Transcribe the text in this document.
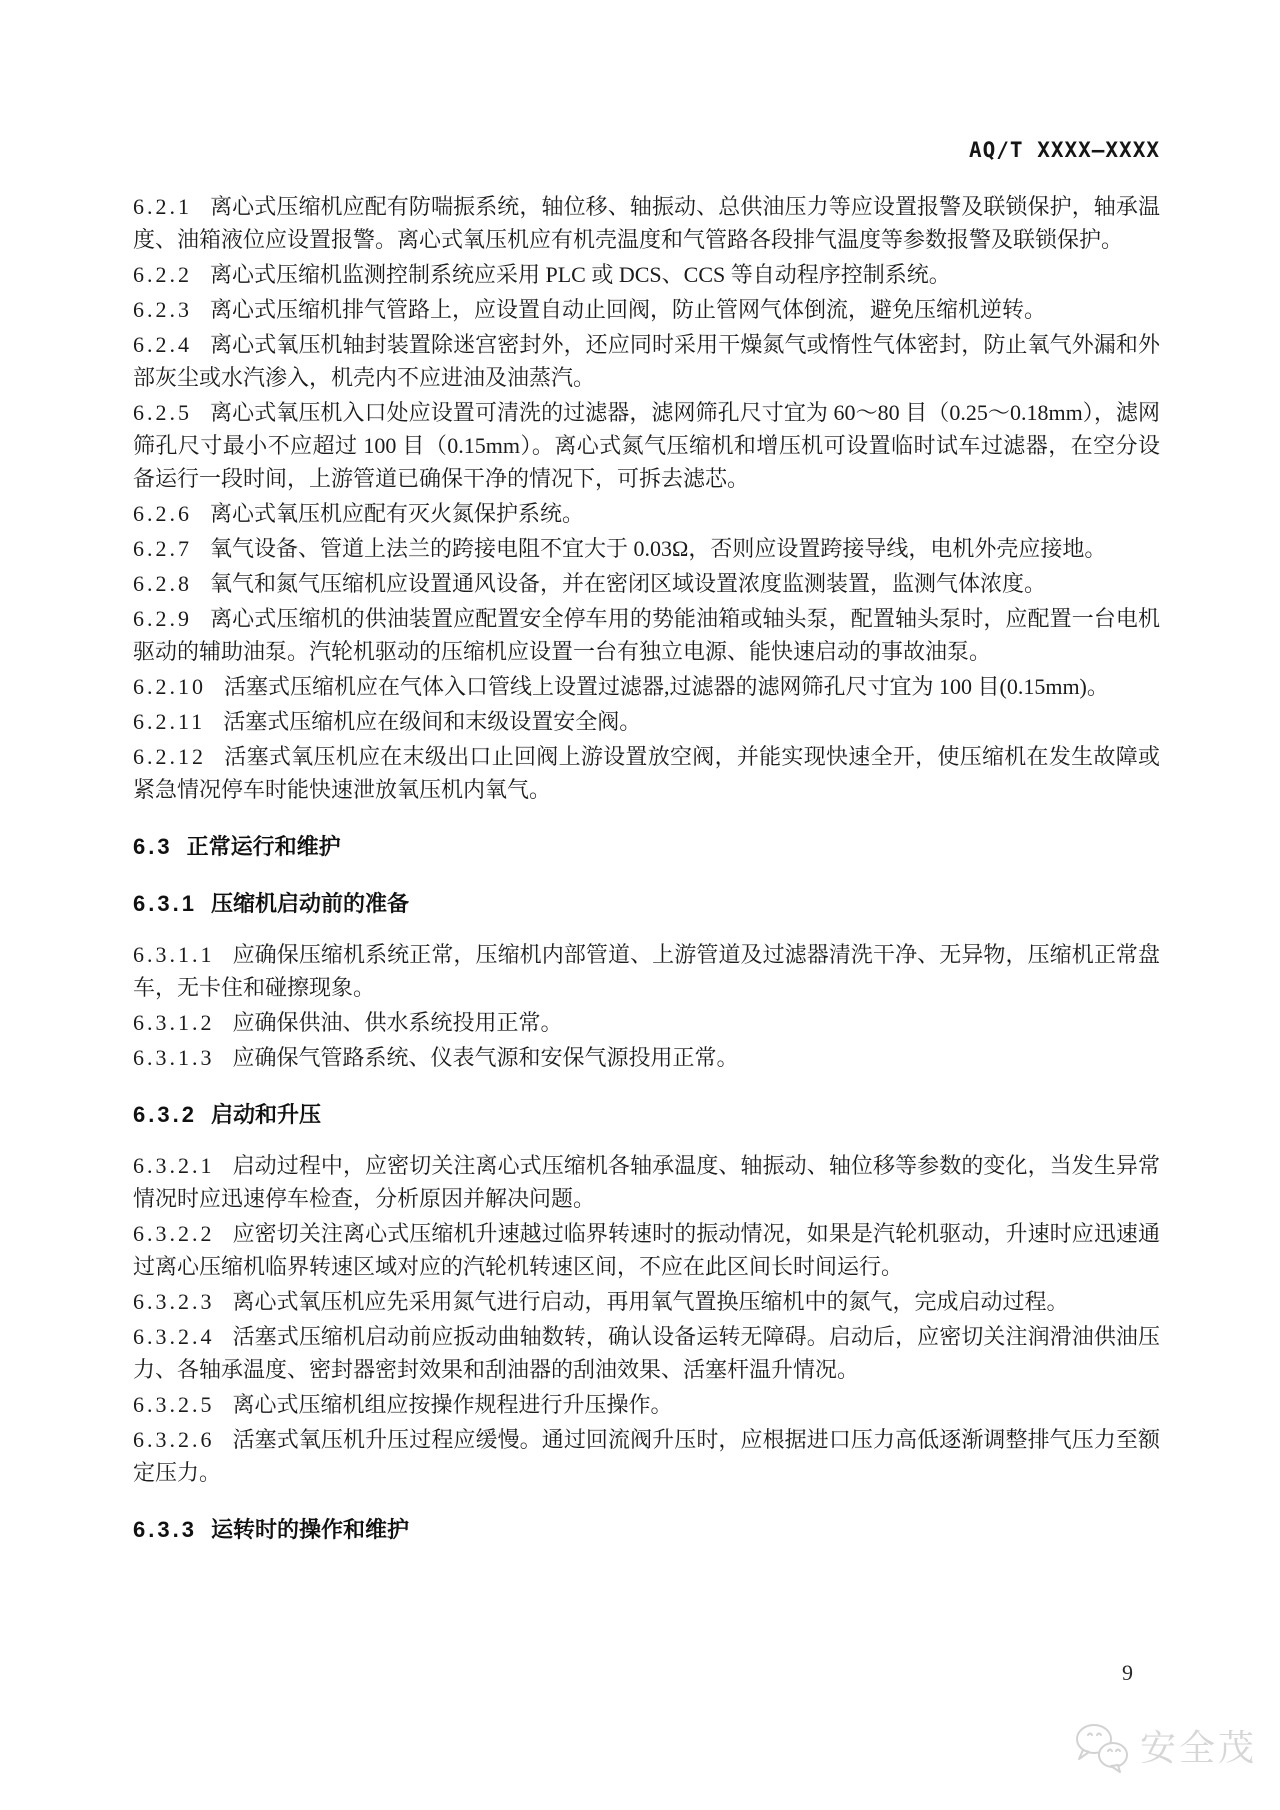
AQ/T XXXX—XXXX

6.2.1 离心式压缩机应配有防喘振系统，轴位移、轴振动、总供油压力等应设置报警及联锁保护，轴承温度、油箱液位应设置报警。离心式氧压机应有机壳温度和气管路各段排气温度等参数报警及联锁保护。

6.2.2 离心式压缩机监测控制系统应采用 PLC 或 DCS、CCS 等自动程序控制系统。

6.2.3 离心式压缩机排气管路上，应设置自动止回阀，防止管网气体倒流，避免压缩机逆转。

6.2.4 离心式氧压机轴封装置除迷宫密封外，还应同时采用干燥氮气或惰性气体密封，防止氧气外漏和外部灰尘或水汽渗入，机壳内不应进油及油蒸汽。

6.2.5 离心式氧压机入口处应设置可清洗的过滤器，滤网筛孔尺寸宜为 60～80 目（0.25～0.18mm），滤网筛孔尺寸最小不应超过 100 目（0.15mm）。离心式氮气压缩机和增压机可设置临时试车过滤器，在空分设备运行一段时间，上游管道已确保干净的情况下，可拆去滤芯。

6.2.6 离心式氧压机应配有灭火氮保护系统。

6.2.7 氧气设备、管道上法兰的跨接电阻不宜大于 0.03Ω，否则应设置跨接导线，电机外壳应接地。

6.2.8 氧气和氮气压缩机应设置通风设备，并在密闭区域设置浓度监测装置，监测气体浓度。

6.2.9 离心式压缩机的供油装置应配置安全停车用的势能油箱或轴头泵，配置轴头泵时，应配置一台电机驱动的辅助油泵。汽轮机驱动的压缩机应设置一台有独立电源、能快速启动的事故油泵。

6.2.10 活塞式压缩机应在气体入口管线上设置过滤器,过滤器的滤网筛孔尺寸宜为 100 目(0.15mm)。

6.2.11 活塞式压缩机应在级间和末级设置安全阀。

6.2.12 活塞式氧压机应在末级出口止回阀上游设置放空阀，并能实现快速全开，使压缩机在发生故障或紧急情况停车时能快速泄放氧压机内氧气。

6.3 正常运行和维护
6.3.1 压缩机启动前的准备

6.3.1.1 应确保压缩机系统正常，压缩机内部管道、上游管道及过滤器清洗干净、无异物，压缩机正常盘车，无卡住和碰擦现象。

6.3.1.2 应确保供油、供水系统投用正常。

6.3.1.3 应确保气管路系统、仪表气源和安保气源投用正常。

6.3.2 启动和升压

6.3.2.1 启动过程中，应密切关注离心式压缩机各轴承温度、轴振动、轴位移等参数的变化，当发生异常情况时应迅速停车检查，分析原因并解决问题。

6.3.2.2 应密切关注离心式压缩机升速越过临界转速时的振动情况，如果是汽轮机驱动，升速时应迅速通过离心压缩机临界转速区域对应的汽轮机转速区间，不应在此区间长时间运行。

6.3.2.3 离心式氧压机应先采用氮气进行启动，再用氧气置换压缩机中的氮气，完成启动过程。

6.3.2.4 活塞式压缩机启动前应扳动曲轴数转，确认设备运转无障碍。启动后，应密切关注润滑油供油压力、各轴承温度、密封器密封效果和刮油器的刮油效果、活塞杆温升情况。

6.3.2.5 离心式压缩机组应按操作规程进行升压操作。

6.3.2.6 活塞式氧压机升压过程应缓慢。通过回流阀升压时，应根据进口压力高低逐渐调整排气压力至额定压力。

6.3.3 运转时的操作和维护
9
安全茂
